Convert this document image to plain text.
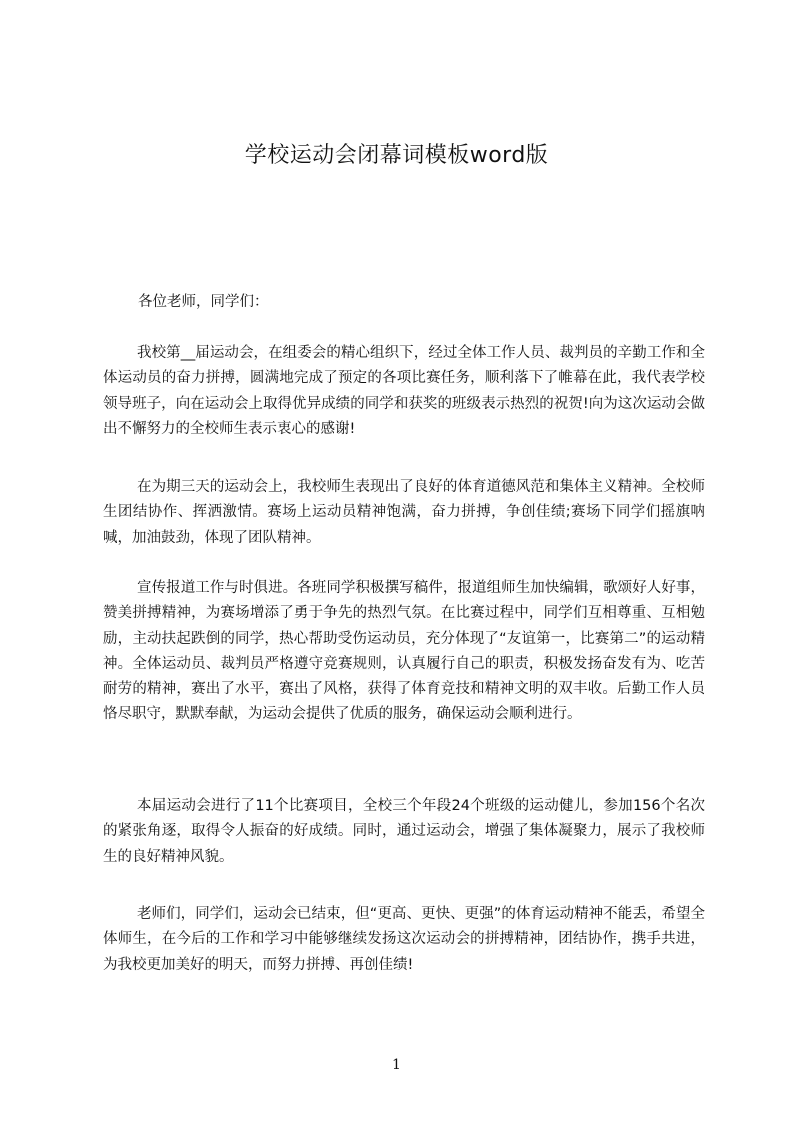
学校运动会闭幕词模板word版
各位老师，同学们：

我校第__届运动会，在组委会的精心组织下，经过全体工作人员、裁判员的辛勤工作和全体运动员的奋力拼搏，圆满地完成了预定的各项比赛任务，顺利落下了帷幕在此，我代表学校领导班子，向在运动会上取得优异成绩的同学和获奖的班级表示热烈的祝贺!向为这次运动会做出不懈努力的全校师生表示衷心的感谢!

在为期三天的运动会上，我校师生表现出了良好的体育道德风范和集体主义精神。全校师生团结协作、挥洒激情。赛场上运动员精神饱满，奋力拼搏，争创佳绩;赛场下同学们摇旗呐喊，加油鼓劲，体现了团队精神。

宣传报道工作与时俱进。各班同学积极撰写稿件，报道组师生加快编辑，歌颂好人好事，赞美拼搏精神，为赛场增添了勇于争先的热烈气氛。在比赛过程中，同学们互相尊重、互相勉励，主动扶起跌倒的同学，热心帮助受伤运动员，充分体现了“友谊第一，比赛第二”的运动精神。全体运动员、裁判员严格遵守竞赛规则，认真履行自己的职责，积极发扬奋发有为、吃苦耐劳的精神，赛出了水平，赛出了风格，获得了体育竞技和精神文明的双丰收。后勤工作人员恪尽职守，默默奉献，为运动会提供了优质的服务，确保运动会顺利进行。

本届运动会进行了11个比赛项目，全校三个年段24个班级的运动健儿，参加156个名次的紧张角逐，取得令人振奋的好成绩。同时，通过运动会，增强了集体凝聚力，展示了我校师生的良好精神风貌。

老师们，同学们，运动会已结束，但“更高、更快、更强”的体育运动精神不能丢，希望全体师生，在今后的工作和学习中能够继续发扬这次运动会的拼搏精神，团结协作，携手共进，为我校更加美好的明天，而努力拼搏、再创佳绩!

1
